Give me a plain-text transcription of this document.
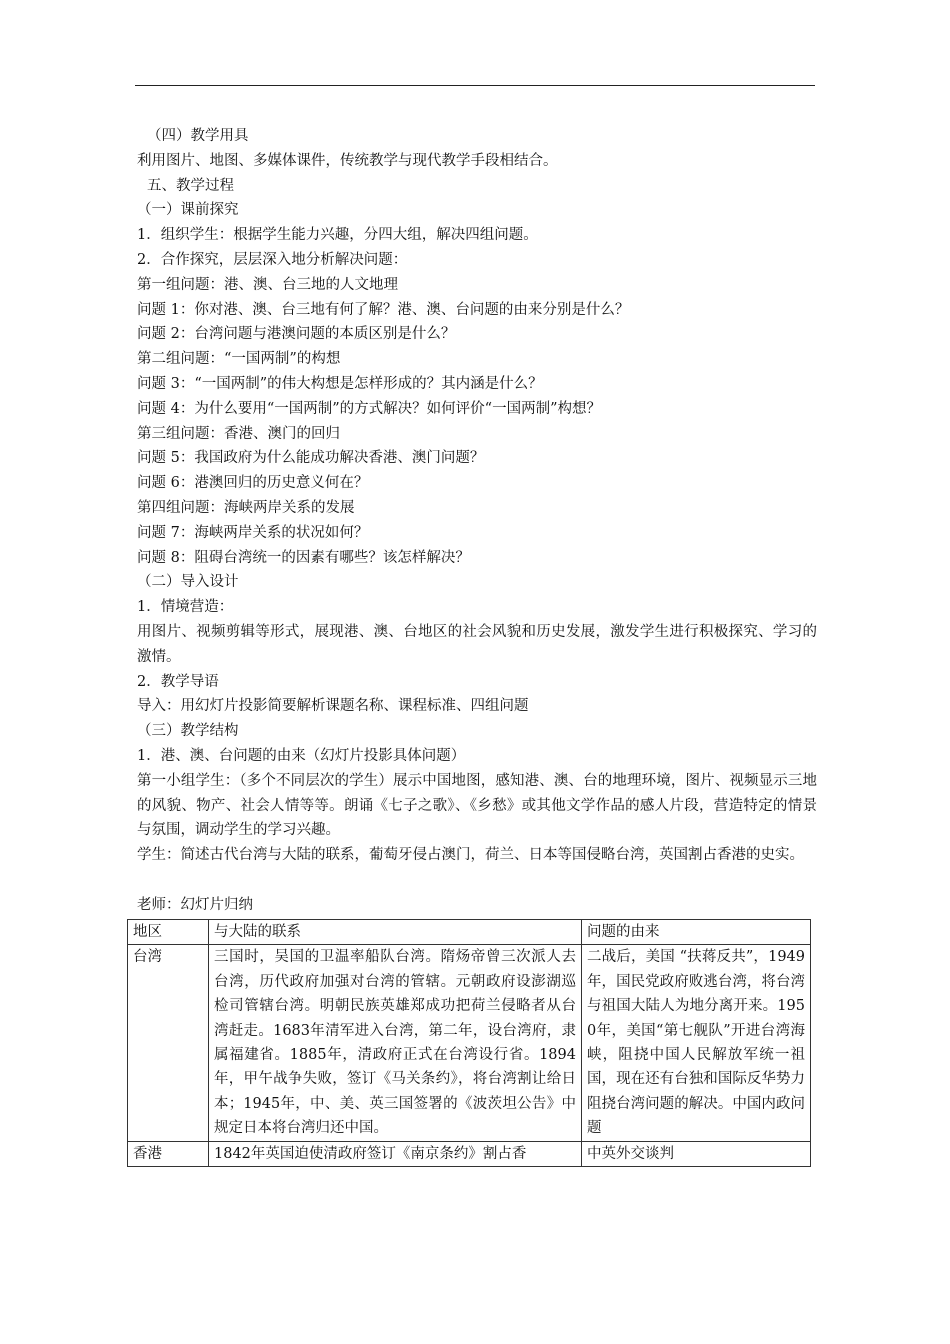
（四）教学用具
利用图片、地图、多媒体课件，传统教学与现代教学手段相结合。
五、教学过程
（一）课前探究
1．组织学生：根据学生能力兴趣，分四大组，解决四组问题。
2．合作探究，层层深入地分析解决问题：
第一组问题：港、澳、台三地的人文地理
问题 1：你对港、澳、台三地有何了解？港、澳、台问题的由来分别是什么？
问题 2：台湾问题与港澳问题的本质区别是什么？
第二组问题：“一国两制”的构想
问题 3：“一国两制”的伟大构想是怎样形成的？其内涵是什么？
问题 4：为什么要用“一国两制”的方式解决？如何评价“一国两制”构想？
第三组问题：香港、澳门的回归
问题 5：我国政府为什么能成功解决香港、澳门问题？
问题 6：港澳回归的历史意义何在？
第四组问题：海峡两岸关系的发展
问题 7：海峡两岸关系的状况如何？
问题 8：阻碍台湾统一的因素有哪些？该怎样解决？
（二）导入设计
1．情境营造：
用图片、视频剪辑等形式，展现港、澳、台地区的社会风貌和历史发展，激发学生进行积极探究、学习的激情。
2．教学导语
导入：用幻灯片投影简要解析课题名称、课程标准、四组问题
（三）教学结构
1．港、澳、台问题的由来（幻灯片投影具体问题）
第一小组学生：（多个不同层次的学生）展示中国地图，感知港、澳、台的地理环境，图片、视频显示三地的风貌、物产、社会人情等等。朗诵《七子之歌》、《乡愁》或其他文学作品的感人片段，营造特定的情景与氛围，调动学生的学习兴趣。
学生：简述古代台湾与大陆的联系，葡萄牙侵占澳门，荷兰、日本等国侵略台湾，英国割占香港的史实。
老师：幻灯片归纳
地区	与大陆的联系	问题的由来
台湾	三国时，吴国的卫温率船队台湾。隋炀帝曾三次派人去台湾，历代政府加强对台湾的管辖。元朝政府设澎湖巡检司管辖台湾。明朝民族英雄郑成功把荷兰侵略者从台湾赶走。1683年清军进入台湾，第二年，设台湾府，隶属福建省。1885年，清政府正式在台湾设行省。1894年，甲午战争失败，签订《马关条约》，将台湾割让给日本；1945年，中、美、英三国签署的《波茨坦公告》中规定日本将台湾归还中国。	二战后，美国 “扶蒋反共”，1949年，国民党政府败逃台湾，将台湾与祖国大陆人为地分离开来。1950年，美国“第七舰队”开进台湾海峡，阻挠中国人民解放军统一祖国，现在还有台独和国际反华势力阻挠台湾问题的解决。中国内政问题
香港	1842年英国迫使清政府签订《南京条约》割占香	中英外交谈判
